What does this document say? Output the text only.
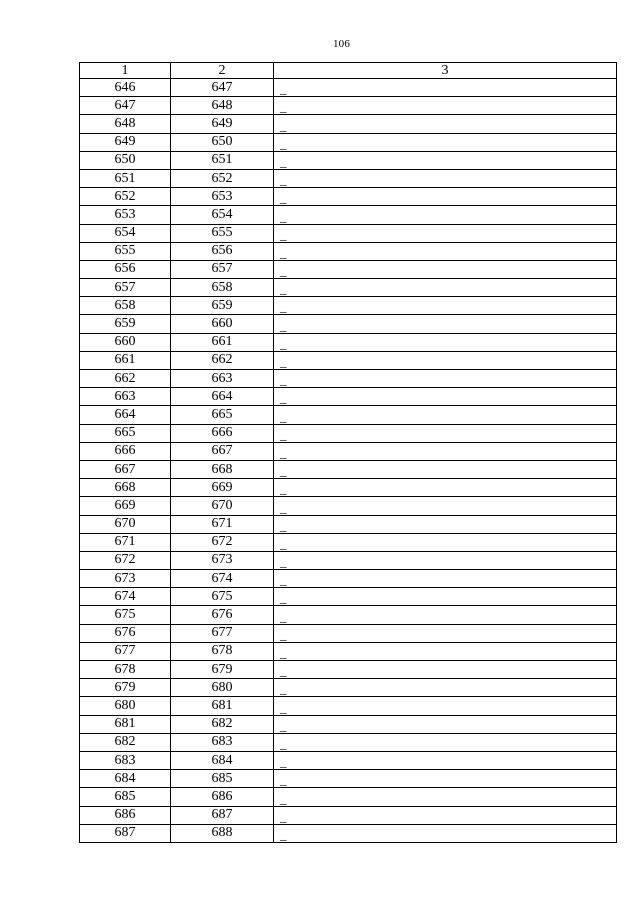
106
1	2	3
646	647	_
647	648	_
648	649	_
649	650	_
650	651	_
651	652	_
652	653	_
653	654	_
654	655	_
655	656	_
656	657	_
657	658	_
658	659	_
659	660	_
660	661	_
661	662	_
662	663	_
663	664	_
664	665	_
665	666	_
666	667	_
667	668	_
668	669	_
669	670	_
670	671	_
671	672	_
672	673	_
673	674	_
674	675	_
675	676	_
676	677	_
677	678	_
678	679	_
679	680	_
680	681	_
681	682	_
682	683	_
683	684	_
684	685	_
685	686	_
686	687	_
687	688	_
